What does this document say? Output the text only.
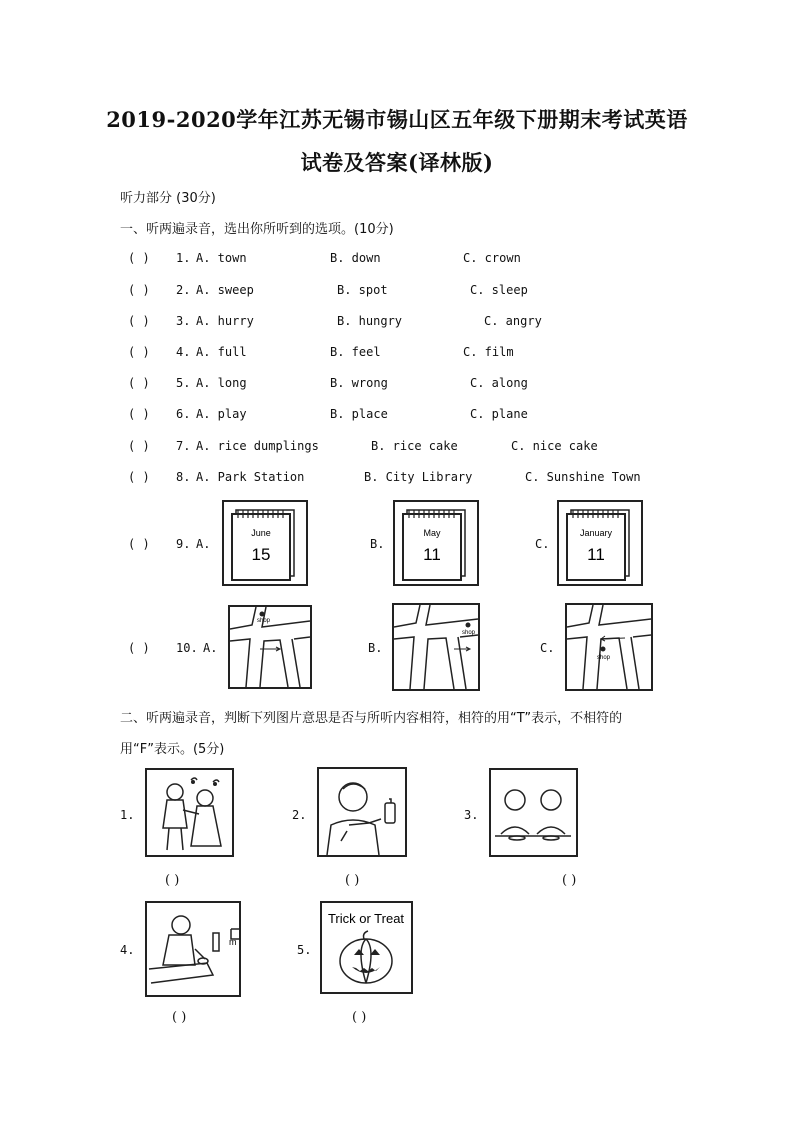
2019-2020学年江苏无锡市锡山区五年级下册期末考试英语
试卷及答案(译林版)
听力部分 (30分)
一、听两遍录音，选出你所听到的选项。(10分)
( ) 1. A. town	B. down	C. crown
( ) 2. A. sweep	B. spot	C. sleep
( ) 3. A. hurry	B. hungry	C. angry
( ) 4. A. full	B. feel	C. film
( ) 5. A. long	B. wrong	C. along
( ) 6. A. play	B. place	C. plane
( ) 7. A. rice dumplings	B. rice cake	C. nice cake
( ) 8. A. Park Station	B. City Library	C. Sunshine Town
( ) 9. A.	B.	C.
June
15
May
11
January
11
( ) 10. A.	B.	C.
shop
shop
shop
二、听两遍录音，判断下列图片意思是否与所听内容相符，相符的用“T”表示，不相符的
用“F”表示。(5分)
1.
( )
2.
( )
3.
( )
4.
m
( )
5.
Trick or Treat
( )
